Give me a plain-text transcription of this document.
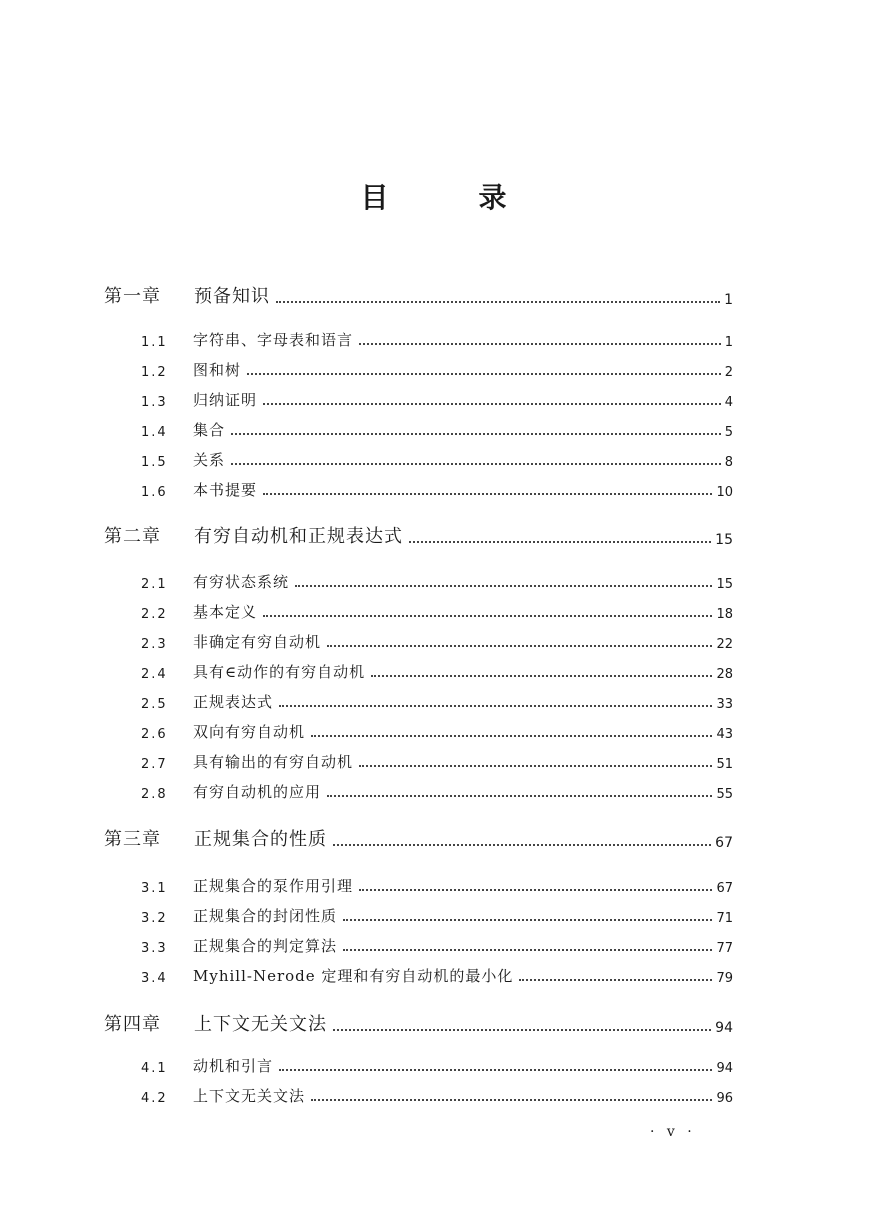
目	录
第一章	预备知识	1
1.1	字符串、字母表和语言	1
1.2	图和树	2
1.3	归纳证明	4
1.4	集合	5
1.5	关系	8
1.6	本书提要	10
第二章	有穷自动机和正规表达式	15
2.1	有穷状态系统	15
2.2	基本定义	18
2.3	非确定有穷自动机	22
2.4	具有∈动作的有穷自动机	28
2.5	正规表达式	33
2.6	双向有穷自动机	43
2.7	具有输出的有穷自动机	51
2.8	有穷自动机的应用	55
第三章	正规集合的性质	67
3.1	正规集合的泵作用引理	67
3.2	正规集合的封闭性质	71
3.3	正规集合的判定算法	77
3.4	Myhill-Nerode 定理和有穷自动机的最小化	79
第四章	上下文无关文法	94
4.1	动机和引言	94
4.2	上下文无关文法	96
· v ·
